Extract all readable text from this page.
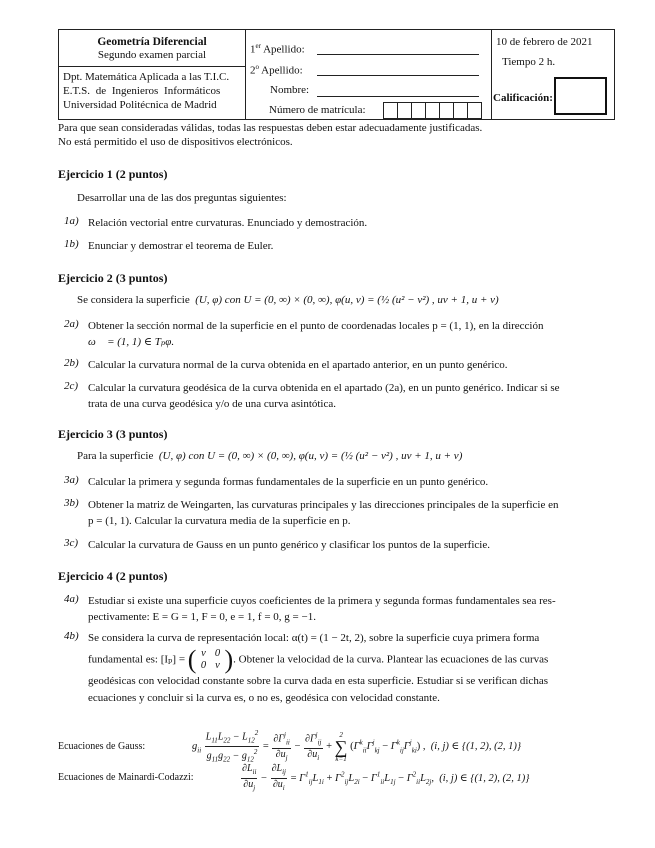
Geometría Diferencial
Segundo examen parcial
Dpt. Matemática Aplicada a las T.I.C.
E.T.S. de Ingenieros Informáticos
Universidad Politécnica de Madrid
1er Apellido:
2$^o$ Apellido:
Nombre:
Número de matrícula:
10 de febrero de 2021
Tiempo 2 h.
Calificación:
Para que sean consideradas válidas, todas las respuestas deben estar adecuadamente justificadas.
No está permitido el uso de dispositivos electrónicos.
Ejercicio 1 (2 puntos)
Desarrollar una de las dos preguntas siguientes:
1a) Relación vectorial entre curvaturas. Enunciado y demostración.
1b) Enunciar y demostrar el teorema de Euler.
Ejercicio 2 (3 puntos)
Se considera la superficie (U, φ) con U = (0, ∞) × (0, ∞), φ(u, v) = (½ (u² − v²) , uv + 1, u + v)
2a) Obtener la sección normal de la superficie en el punto de coordenadas locales p = (1, 1), en la dirección
ω⃗ = (1, 1) ∈ Tₚφ.
2b) Calcular la curvatura normal de la curva obtenida en el apartado anterior, en un punto genérico.
2c) Calcular la curvatura geodésica de la curva obtenida en el apartado (2a), en un punto genérico. Indicar si se
trata de una curva geodésica y/o de una curva asintótica.
Ejercicio 3 (3 puntos)
Para la superficie (U, φ) con U = (0, ∞) × (0, ∞), φ(u, v) = (½ (u² − v²) , uv + 1, u + v)
3a) Calcular la primera y segunda formas fundamentales de la superficie en un punto genérico.
3b) Obtener la matriz de Weingarten, las curvaturas principales y las direcciones principales de la superficie en
p = (1, 1). Calcular la curvatura media de la superficie en p.
3c) Calcular la curvatura de Gauss en un punto genérico y clasificar los puntos de la superficie.
Ejercicio 4 (2 puntos)
4a) Estudiar si existe una superficie cuyos coeficientes de la primera y segunda formas fundamentales sea res-
pectivamente: E = G = 1, F = 0, e = 1, f = 0, g = −1.
4b) Se considera la curva de representación local: α(t) = (1 − 2t, 2), sobre la superficie cuya primera forma
fundamental es: [Iₚ] = ( v 0
0 v ) . Obtener la velocidad de la curva. Plantear las ecuaciones de las curvas
geodésicas con velocidad constante sobre la curva dada en esta superficie. Estudiar si se verifican dichas
ecuaciones y concluir si la curva es, o no es, geodésica con velocidad constante.
Ecuaciones de Gauss:	$g_{ii} \frac{L_{11}L_{22} - L_{12}^2}{g_{11}g_{22} - g_{12}^2} = \frac{\partial\Gamma^j_{ii}}{\partial u_j} - \frac{\partial\Gamma^j_{ij}}{\partial u_i}$ +
2
∑
k=1
$(\Gamma^k_{ii}\Gamma^j_{kj} - \Gamma^k_{ij}\Gamma^j_{ki})$ , (i, j) ∈ {(1, 2), (2, 1)}
Ecuaciones de Mainardi-Codazzi:	$\frac{\partial L_{ii}}{\partial u_j} - \frac{\partial L_{ij}}{\partial u_i} = \Gamma^1_{ij}L_{1i} + \Gamma^2_{ij}L_{2i} - \Gamma^1_{ii}L_{1j} - \Gamma^2_{ii}L_{2j}$,  (i, j) ∈ {(1, 2), (2, 1)}
